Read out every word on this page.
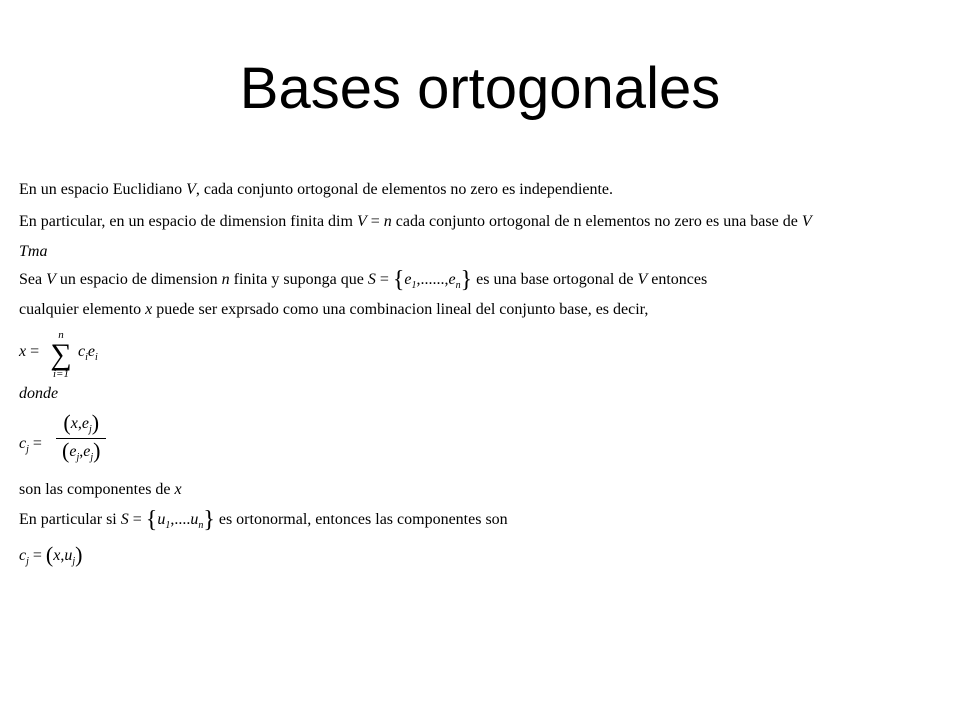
Bases ortogonales
En un espacio Euclidiano V, cada conjunto ortogonal de elementos no zero es independiente.
En particular, en un espacio de dimension finita dim V = n cada conjunto ortogonal de n elementos no zero es una base de V
Tma
Sea V un espacio de dimension n finita y suponga que $S = \{e_1,......,e_n\}$ es una base ortogonal de V entonces
cualquier elemento x puede ser exprsado como una combinacion lineal del conjunto base, es decir,
x =
n
∑
i=1
$c_ie_i$
donde
$c_j$ =
$(x,e_j)$
$(e_j,e_j)$
son las componentes de x
En particular si $S = \{u_1,....u_n\}$ es ortonormal, entonces las componentes son
$c_j = (x,u_j)$
